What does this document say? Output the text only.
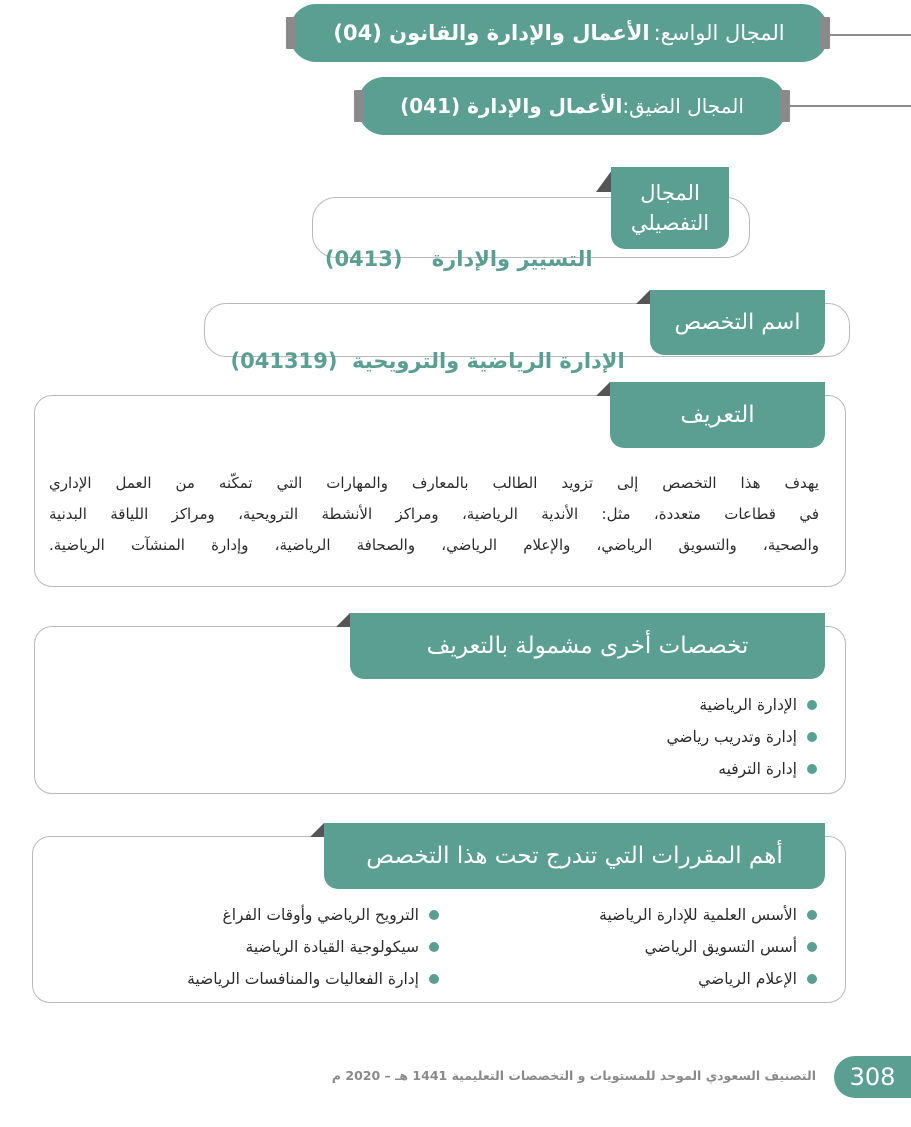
المجال الواسع:
الأعمال والإدارة والقانون (04)
المجال الضيق:
الأعمال والإدارة (041)

التسيير والإدارة    (0413)

المجال التفصيلي

الإدارة الرياضية والترويحية  (041319)

اسم التخصص

يهدف هذا التخصص إلى تزويد الطالب بالمعارف والمهارات التي تمكّنه من العمل الإداري

في قطاعات متعددة، مثل: الأندية الرياضية، ومراكز الأنشطة الترويحية، ومراكز اللياقة البدنية

والصحية، والتسويق الرياضي، والإعلام الرياضي، والصحافة الرياضية، وإدارة المنشآت الرياضية.

التعريف
الإدارة الرياضية
إدارة وتدريب رياضي
إدارة الترفيه
تخصصات أخرى مشمولة بالتعريف
الأسس العلمية للإدارة الرياضية
أسس التسويق الرياضي
الإعلام الرياضي
الترويح الرياضي وأوقات الفراغ
سيكولوجية القيادة الرياضية
إدارة الفعاليات والمنافسات الرياضية
أهم المقررات التي تندرج تحت هذا التخصص
308
التصنيف السعودي الموحد للمستويات و التخصصات التعليمية 1441 هـ – 2020 م
